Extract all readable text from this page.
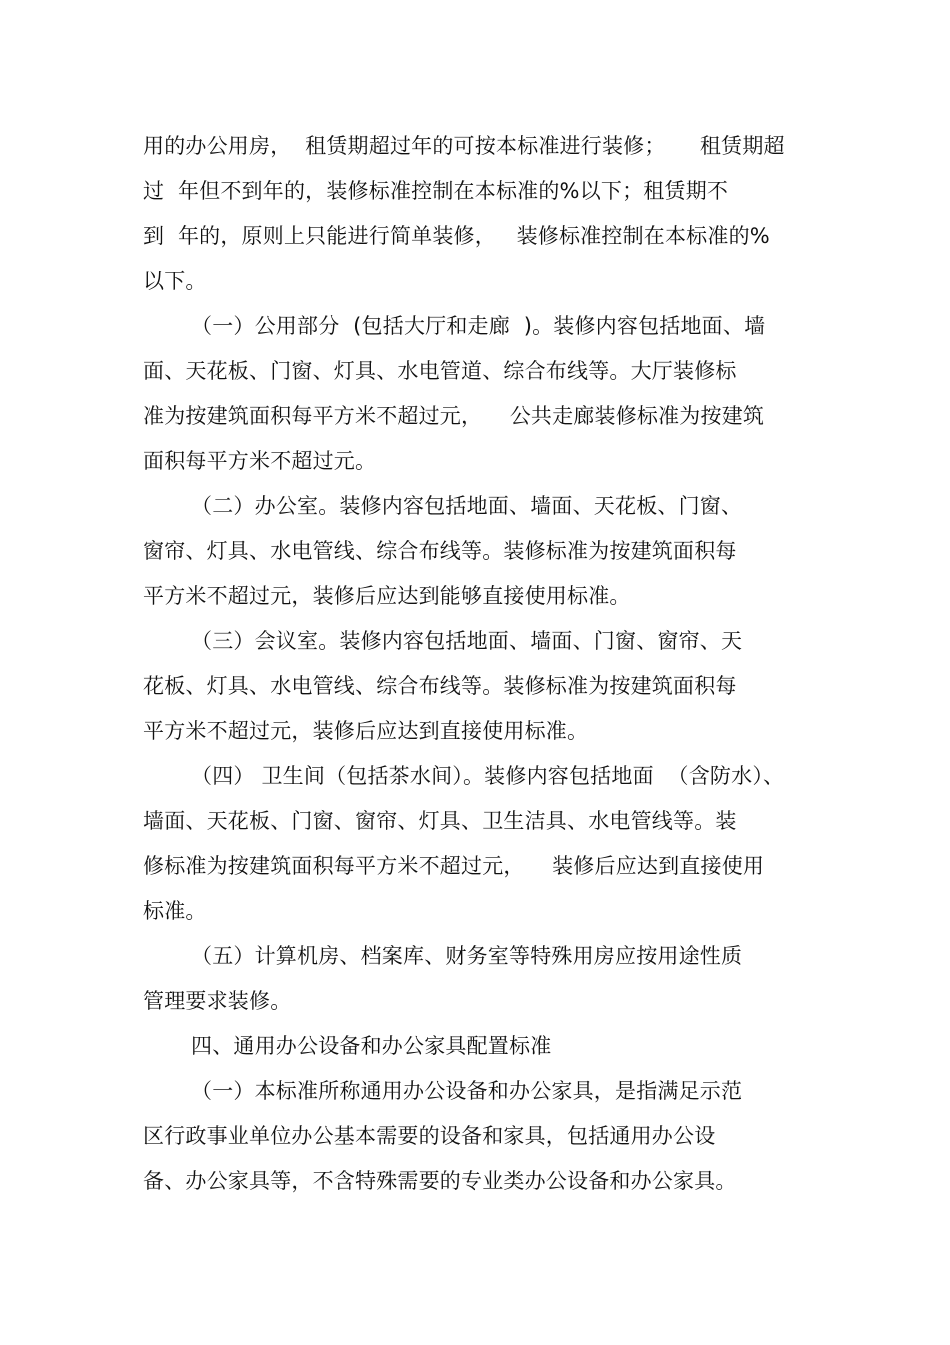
用的办公用房，  租赁期超过年的可按本标准进行装修；     租赁期超
过  年但不到年的，装修标准控制在本标准的%以下；租赁期不
到  年的，原则上只能进行简单装修，   装修标准控制在本标准的%
以下。
（一）公用部分  (包括大厅和走廊  )。装修内容包括地面、墙
面、天花板、门窗、灯具、水电管道、综合布线等。大厅装修标
准为按建筑面积每平方米不超过元，    公共走廊装修标准为按建筑
面积每平方米不超过元。
（二）办公室。装修内容包括地面、墙面、天花板、门窗、
窗帘、灯具、水电管线、综合布线等。装修标准为按建筑面积每
平方米不超过元，装修后应达到能够直接使用标准。
（三）会议室。装修内容包括地面、墙面、门窗、窗帘、天
花板、灯具、水电管线、综合布线等。装修标准为按建筑面积每
平方米不超过元，装修后应达到直接使用标准。
（四） 卫生间（包括茶水间）。装修内容包括地面  （含防水）、
墙面、天花板、门窗、窗帘、灯具、卫生洁具、水电管线等。装
修标准为按建筑面积每平方米不超过元，    装修后应达到直接使用
标准。
（五）计算机房、档案库、财务室等特殊用房应按用途性质
管理要求装修。
四、通用办公设备和办公家具配置标准
（一）本标准所称通用办公设备和办公家具，是指满足示范
区行政事业单位办公基本需要的设备和家具，包括通用办公设
备、办公家具等，不含特殊需要的专业类办公设备和办公家具。
